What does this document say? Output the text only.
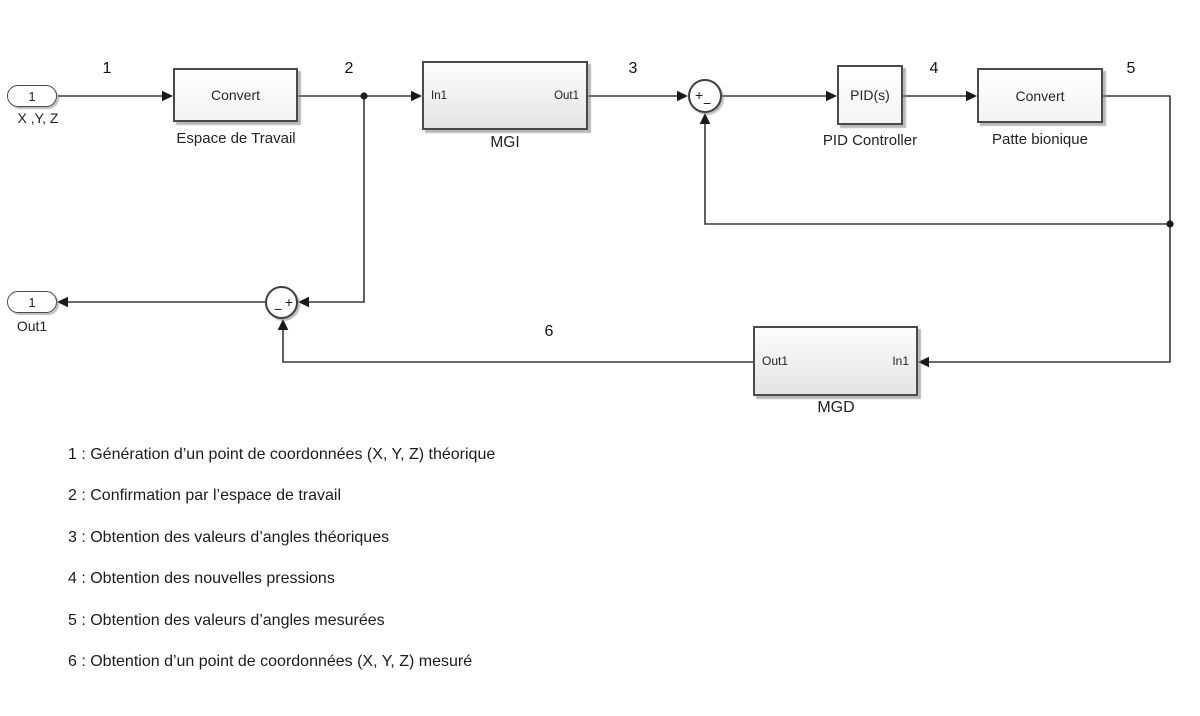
1
X ,Y, Z
Convert
Espace de Travail
In1	Out1
MGI
+ −	PID(s)
PID Controller
Convert
Patte bionique
Out1	In1
MGD
+
−
1
Out1
1	2	3	4	5
6
1 : Génération d’un point de coordonnées (X, Y, Z) théorique
2 : Confirmation par l’espace de travail
3 : Obtention des valeurs d’angles théoriques
4 : Obtention des nouvelles pressions
5 : Obtention des valeurs d’angles mesurées
6 : Obtention d’un point de coordonnées (X, Y, Z) mesuré
